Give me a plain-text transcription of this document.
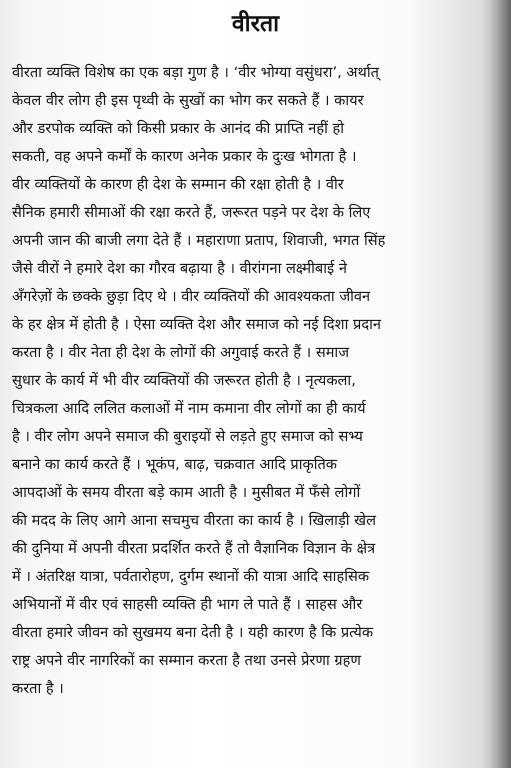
वीरता
वीरता व्यक्ति विशेष का एक बड़ा गुण है । ‘वीर भोग्या वसुंधरा’, अर्थात्
केवल वीर लोग ही इस पृथ्वी के सुखों का भोग कर सकते हैं । कायर
और डरपोक व्यक्ति को किसी प्रकार के आनंद की प्राप्ति नहीं हो
सकती, वह अपने कर्मों के कारण अनेक प्रकार के दुःख भोगता है ।
वीर व्यक्तियों के कारण ही देश के सम्मान की रक्षा होती है । वीर
सैनिक हमारी सीमाओं की रक्षा करते हैं, जरूरत पड़ने पर देश के लिए
अपनी जान की बाजी लगा देते हैं । महाराणा प्रताप, शिवाजी, भगत सिंह
जैसे वीरों ने हमारे देश का गौरव बढ़ाया है । वीरांगना लक्ष्मीबाई ने
अँगरेज़ों के छक्के छुड़ा दिए थे । वीर व्यक्तियों की आवश्यकता जीवन
के हर क्षेत्र में होती है । ऐसा व्यक्ति देश और समाज को नई दिशा प्रदान
करता है । वीर नेता ही देश के लोगों की अगुवाई करते हैं । समाज
सुधार के कार्य में भी वीर व्यक्तियों की जरूरत होती है । नृत्यकला,
चित्रकला आदि ललित कलाओं में नाम कमाना वीर लोगों का ही कार्य
है । वीर लोग अपने समाज की बुराइयों से लड़ते हुए समाज को सभ्य
बनाने का कार्य करते हैं । भूकंप, बाढ़, चक्रवात आदि प्राकृतिक
आपदाओं के समय वीरता बड़े काम आती है । मुसीबत में फँसे लोगों
की मदद के लिए आगे आना सचमुच वीरता का कार्य है । खिलाड़ी खेल
की दुनिया में अपनी वीरता प्रदर्शित करते हैं तो वैज्ञानिक विज्ञान के क्षेत्र
में । अंतरिक्ष यात्रा, पर्वतारोहण, दुर्गम स्थानों की यात्रा आदि साहसिक
अभियानों में वीर एवं साहसी व्यक्ति ही भाग ले पाते हैं । साहस और
वीरता हमारे जीवन को सुखमय बना देती है । यही कारण है कि प्रत्येक
राष्ट्र अपने वीर नागरिकों का सम्मान करता है तथा उनसे प्रेरणा ग्रहण
करता है ।
